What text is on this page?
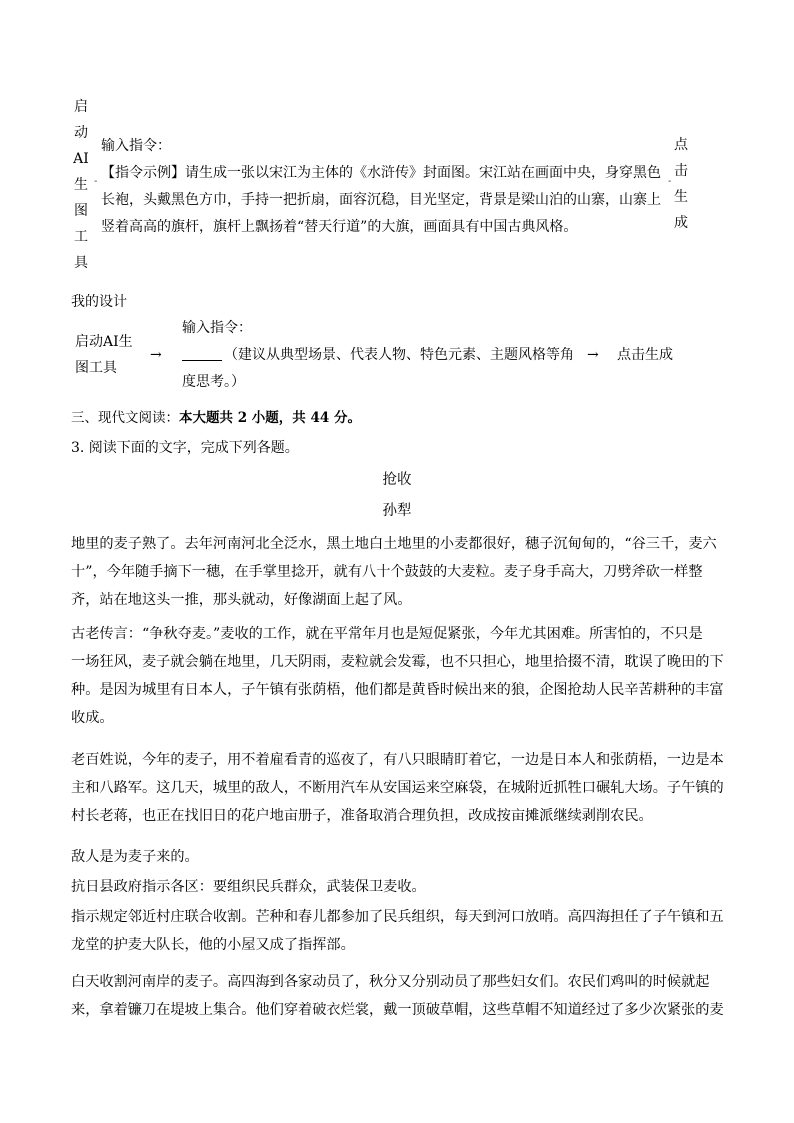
启
动
AI
生
图
工
具
-
输入指令：
【指令示例】请生成一张以宋江为主体的《水浒传》封面图。宋江站在画面中央，身穿黑色
长袍，头戴黑色方巾，手持一把折扇，面容沉稳，目光坚定，背景是梁山泊的山寨，山寨上
竖着高高的旗杆，旗杆上飘扬着“替天行道”的大旗，画面具有中国古典风格。
-
点
击
生
成
我的设计
启动AI生
图工具
→
输入指令：
（建议从典型场景、代表人物、特色元素、主题风格等角
度思考。）
→ 点击生成
三、现代文阅读：本大题共 2 小题，共 44 分。
3. 阅读下面的文字，完成下列各题。
抢收
孙犁
地里的麦子熟了。去年河南河北全泛水，黑土地白土地里的小麦都很好，穗子沉甸甸的，“谷三千，麦六
十”，今年随手摘下一穗，在手掌里捻开，就有八十个鼓鼓的大麦粒。麦子身手高大，刀劈斧砍一样整
齐，站在地这头一推，那头就动，好像湖面上起了风。
古老传言：“争秋夺麦。”麦收的工作，就在平常年月也是短促紧张，今年尤其困难。所害怕的，不只是
一场狂风，麦子就会躺在地里，几天阴雨，麦粒就会发霉，也不只担心，地里拾掇不清，耽误了晚田的下
种。是因为城里有日本人，子午镇有张荫梧，他们都是黄昏时候出来的狼，企图抢劫人民辛苦耕种的丰富
收成。
老百姓说，今年的麦子，用不着雇看青的巡夜了，有八只眼睛盯着它，一边是日本人和张荫梧，一边是本
主和八路军。这几天，城里的敌人，不断用汽车从安国运来空麻袋，在城附近抓牲口碾轧大场。子午镇的
村长老蒋，也正在找旧日的花户地亩册子，准备取消合理负担，改成按亩摊派继续剥削农民。
敌人是为麦子来的。
抗日县政府指示各区：要组织民兵群众，武装保卫麦收。
指示规定邻近村庄联合收割。芒种和春儿都参加了民兵组织，每天到河口放哨。高四海担任了子午镇和五
龙堂的护麦大队长，他的小屋又成了指挥部。
白天收割河南岸的麦子。高四海到各家动员了，秋分又分别动员了那些妇女们。农民们鸡叫的时候就起
来，拿着镰刀在堤坡上集合。他们穿着破衣烂裳，戴一顶破草帽，这些草帽不知道经过了多少次紧张的麦
